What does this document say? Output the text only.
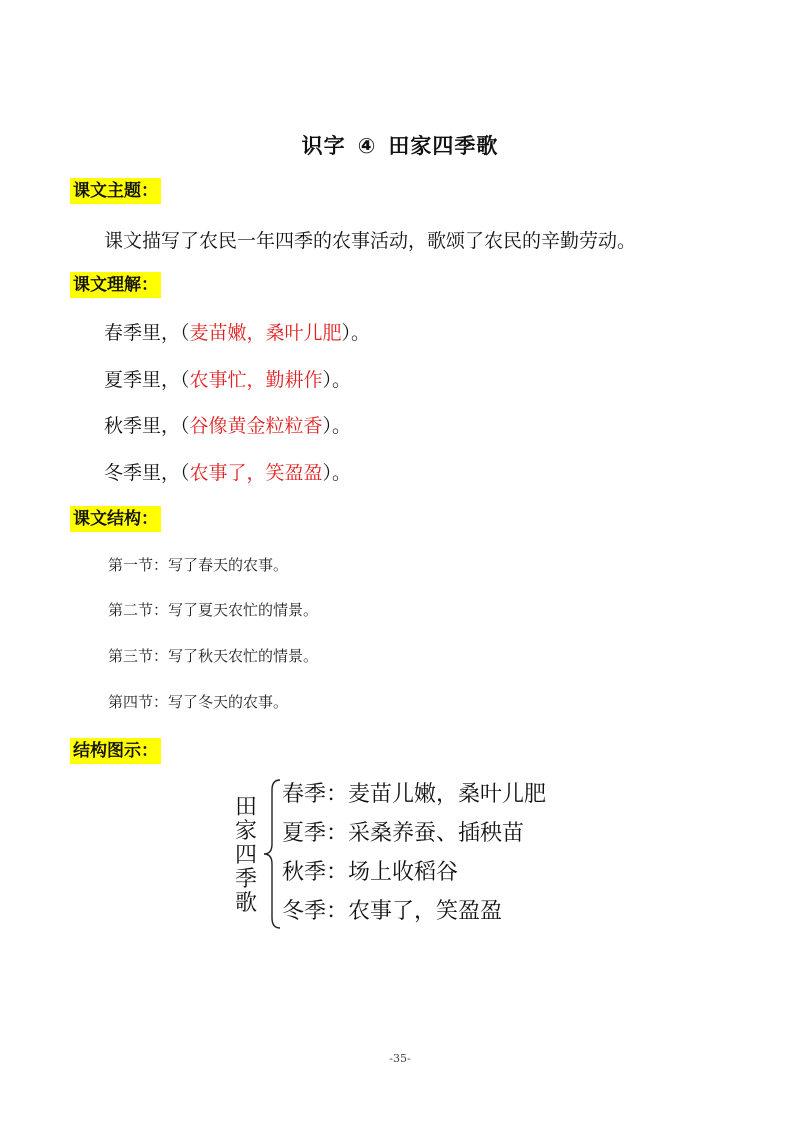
识字 ④ 田家四季歌
课文主题：
课文描写了农民一年四季的农事活动，歌颂了农民的辛勤劳动。
课文理解：
春季里，（麦苗嫩，桑叶儿肥）。
夏季里，（农事忙，勤耕作）。
秋季里，（谷像黄金粒粒香）。
冬季里，（农事了，笑盈盈）。
课文结构：
第一节：写了春天的农事。
第二节：写了夏天农忙的情景。
第三节：写了秋天农忙的情景。
第四节：写了冬天的农事。
结构图示：
田
家
四
季
歌
春季：麦苗儿嫩，桑叶儿肥
夏季：采桑养蚕、插秧苗
秋季：场上收稻谷
冬季：农事了，笑盈盈
-35-
